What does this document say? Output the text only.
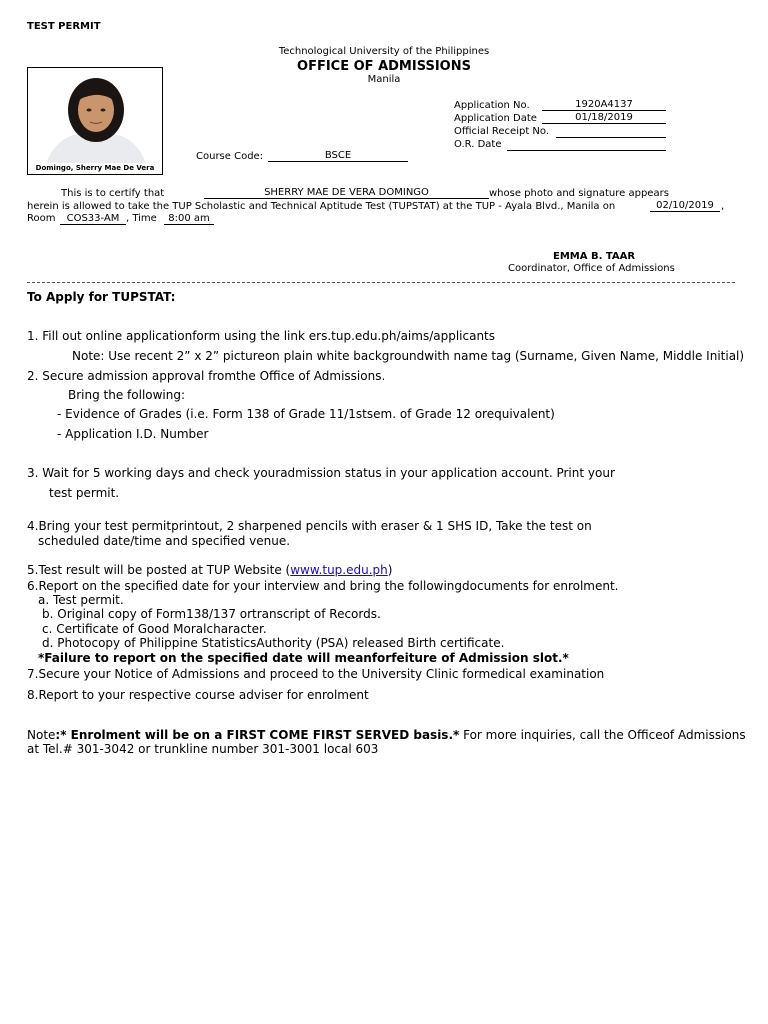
TEST PERMIT
Technological University of the Philippines
OFFICE OF ADMISSIONS
Manila
Domingo, Sherry Mae De Vera
Application No.	1920A4137
Application Date	01/18/2019
Official Receipt No.
O.R. Date
Course Code:	BSCE
This is to certify that	SHERRY MAE DE VERA DOMINGO	whose photo and signature appears
herein is allowed to take the TUP Scholastic and Technical Aptitude Test (TUPSTAT) at the TUP - Ayala Blvd., Manila on	02/10/2019 ,
Room	COS33-AM , Time	8:00 am
EMMA B. TAAR
Coordinator, Office of Admissions
To Apply for TUPSTAT:
1. Fill out online applicationform using the link ers.tup.edu.ph/aims/applicants
Note: Use recent 2” x 2” pictureon plain white backgroundwith name tag (Surname, Given Name, Middle Initial)
2. Secure admission approval fromthe Office of Admissions.
Bring the following:
- Evidence of Grades (i.e. Form 138 of Grade 11/1stsem. of Grade 12 orequivalent)
- Application I.D. Number
3. Wait for 5 working days and check youradmission status in your application account. Print your
test permit.
4.Bring your test permitprintout, 2 sharpened pencils with eraser & 1 SHS ID, Take the test on
scheduled date/time and specified venue.
5.Test result will be posted at TUP Website (www.tup.edu.ph)
6.Report on the specified date for your interview and bring the followingdocuments for enrolment.
a. Test permit.
b. Original copy of Form138/137 ortranscript of Records.
c. Certificate of Good Moralcharacter.
d. Photocopy of Philippine StatisticsAuthority (PSA) released Birth certificate.
*Failure to report on the specified date will meanforfeiture of Admission slot.*
7.Secure your Notice of Admissions and proceed to the University Clinic formedical examination
8.Report to your respective course adviser for enrolment
Note:* Enrolment will be on a FIRST COME FIRST SERVED basis.* For more inquiries, call the Officeof Admissions
at Tel.# 301-3042 or trunkline number 301-3001 local 603
